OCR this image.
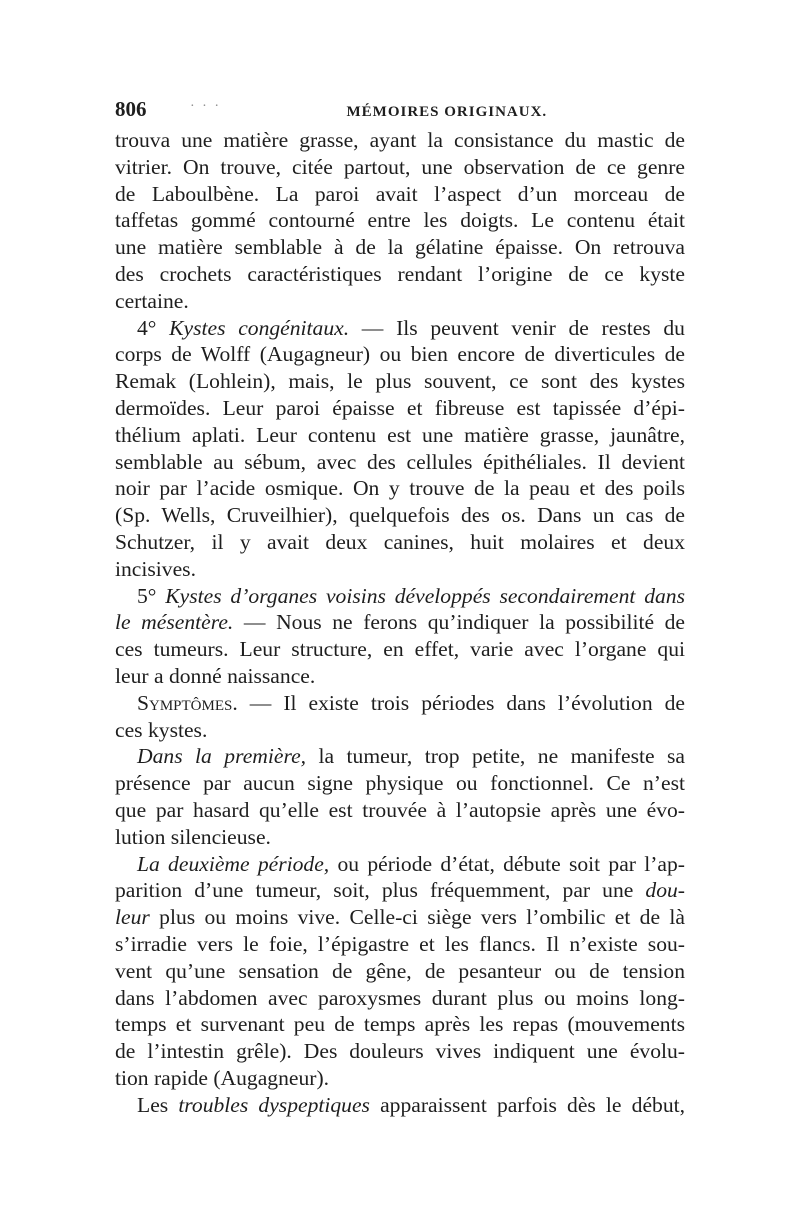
806	· · ·	MÉMOIRES ORIGINAUX.

trouva une matière grasse, ayant la consistance du mastic de

vitrier. On trouve, citée partout, une observation de ce genre

de Laboulbène. La paroi avait l’aspect d’un morceau de

taffetas gommé contourné entre les doigts. Le contenu était

une matière semblable à de la gélatine épaisse. On retrouva

des crochets caractéristiques rendant l’origine de ce kyste

certaine.

4° Kystes congénitaux. — Ils peuvent venir de restes du

corps de Wolff (Augagneur) ou bien encore de diverticules de

Remak (Lohlein), mais, le plus souvent, ce sont des kystes

dermoïdes. Leur paroi épaisse et fibreuse est tapissée d’épi-

thélium aplati. Leur contenu est une matière grasse, jaunâtre,

semblable au sébum, avec des cellules épithéliales. Il devient

noir par l’acide osmique. On y trouve de la peau et des poils

(Sp. Wells, Cruveilhier), quelquefois des os. Dans un cas de

Schutzer, il y avait deux canines, huit molaires et deux

incisives.

5° Kystes d’organes voisins développés secondairement dans

le mésentère. — Nous ne ferons qu’indiquer la possibilité de

ces tumeurs. Leur structure, en effet, varie avec l’organe qui

leur a donné naissance.

Symptômes. — Il existe trois périodes dans l’évolution de

ces kystes.

Dans la première, la tumeur, trop petite, ne manifeste sa

présence par aucun signe physique ou fonctionnel. Ce n’est

que par hasard qu’elle est trouvée à l’autopsie après une évo-

lution silencieuse.

La deuxième période, ou période d’état, débute soit par l’ap-

parition d’une tumeur, soit, plus fréquemment, par une dou-

leur plus ou moins vive. Celle-ci siège vers l’ombilic et de là

s’irradie vers le foie, l’épigastre et les flancs. Il n’existe sou-

vent qu’une sensation de gêne, de pesanteur ou de tension

dans l’abdomen avec paroxysmes durant plus ou moins long-

temps et survenant peu de temps après les repas (mouvements

de l’intestin grêle). Des douleurs vives indiquent une évolu-

tion rapide (Augagneur).

Les troubles dyspeptiques apparaissent parfois dès le début,
